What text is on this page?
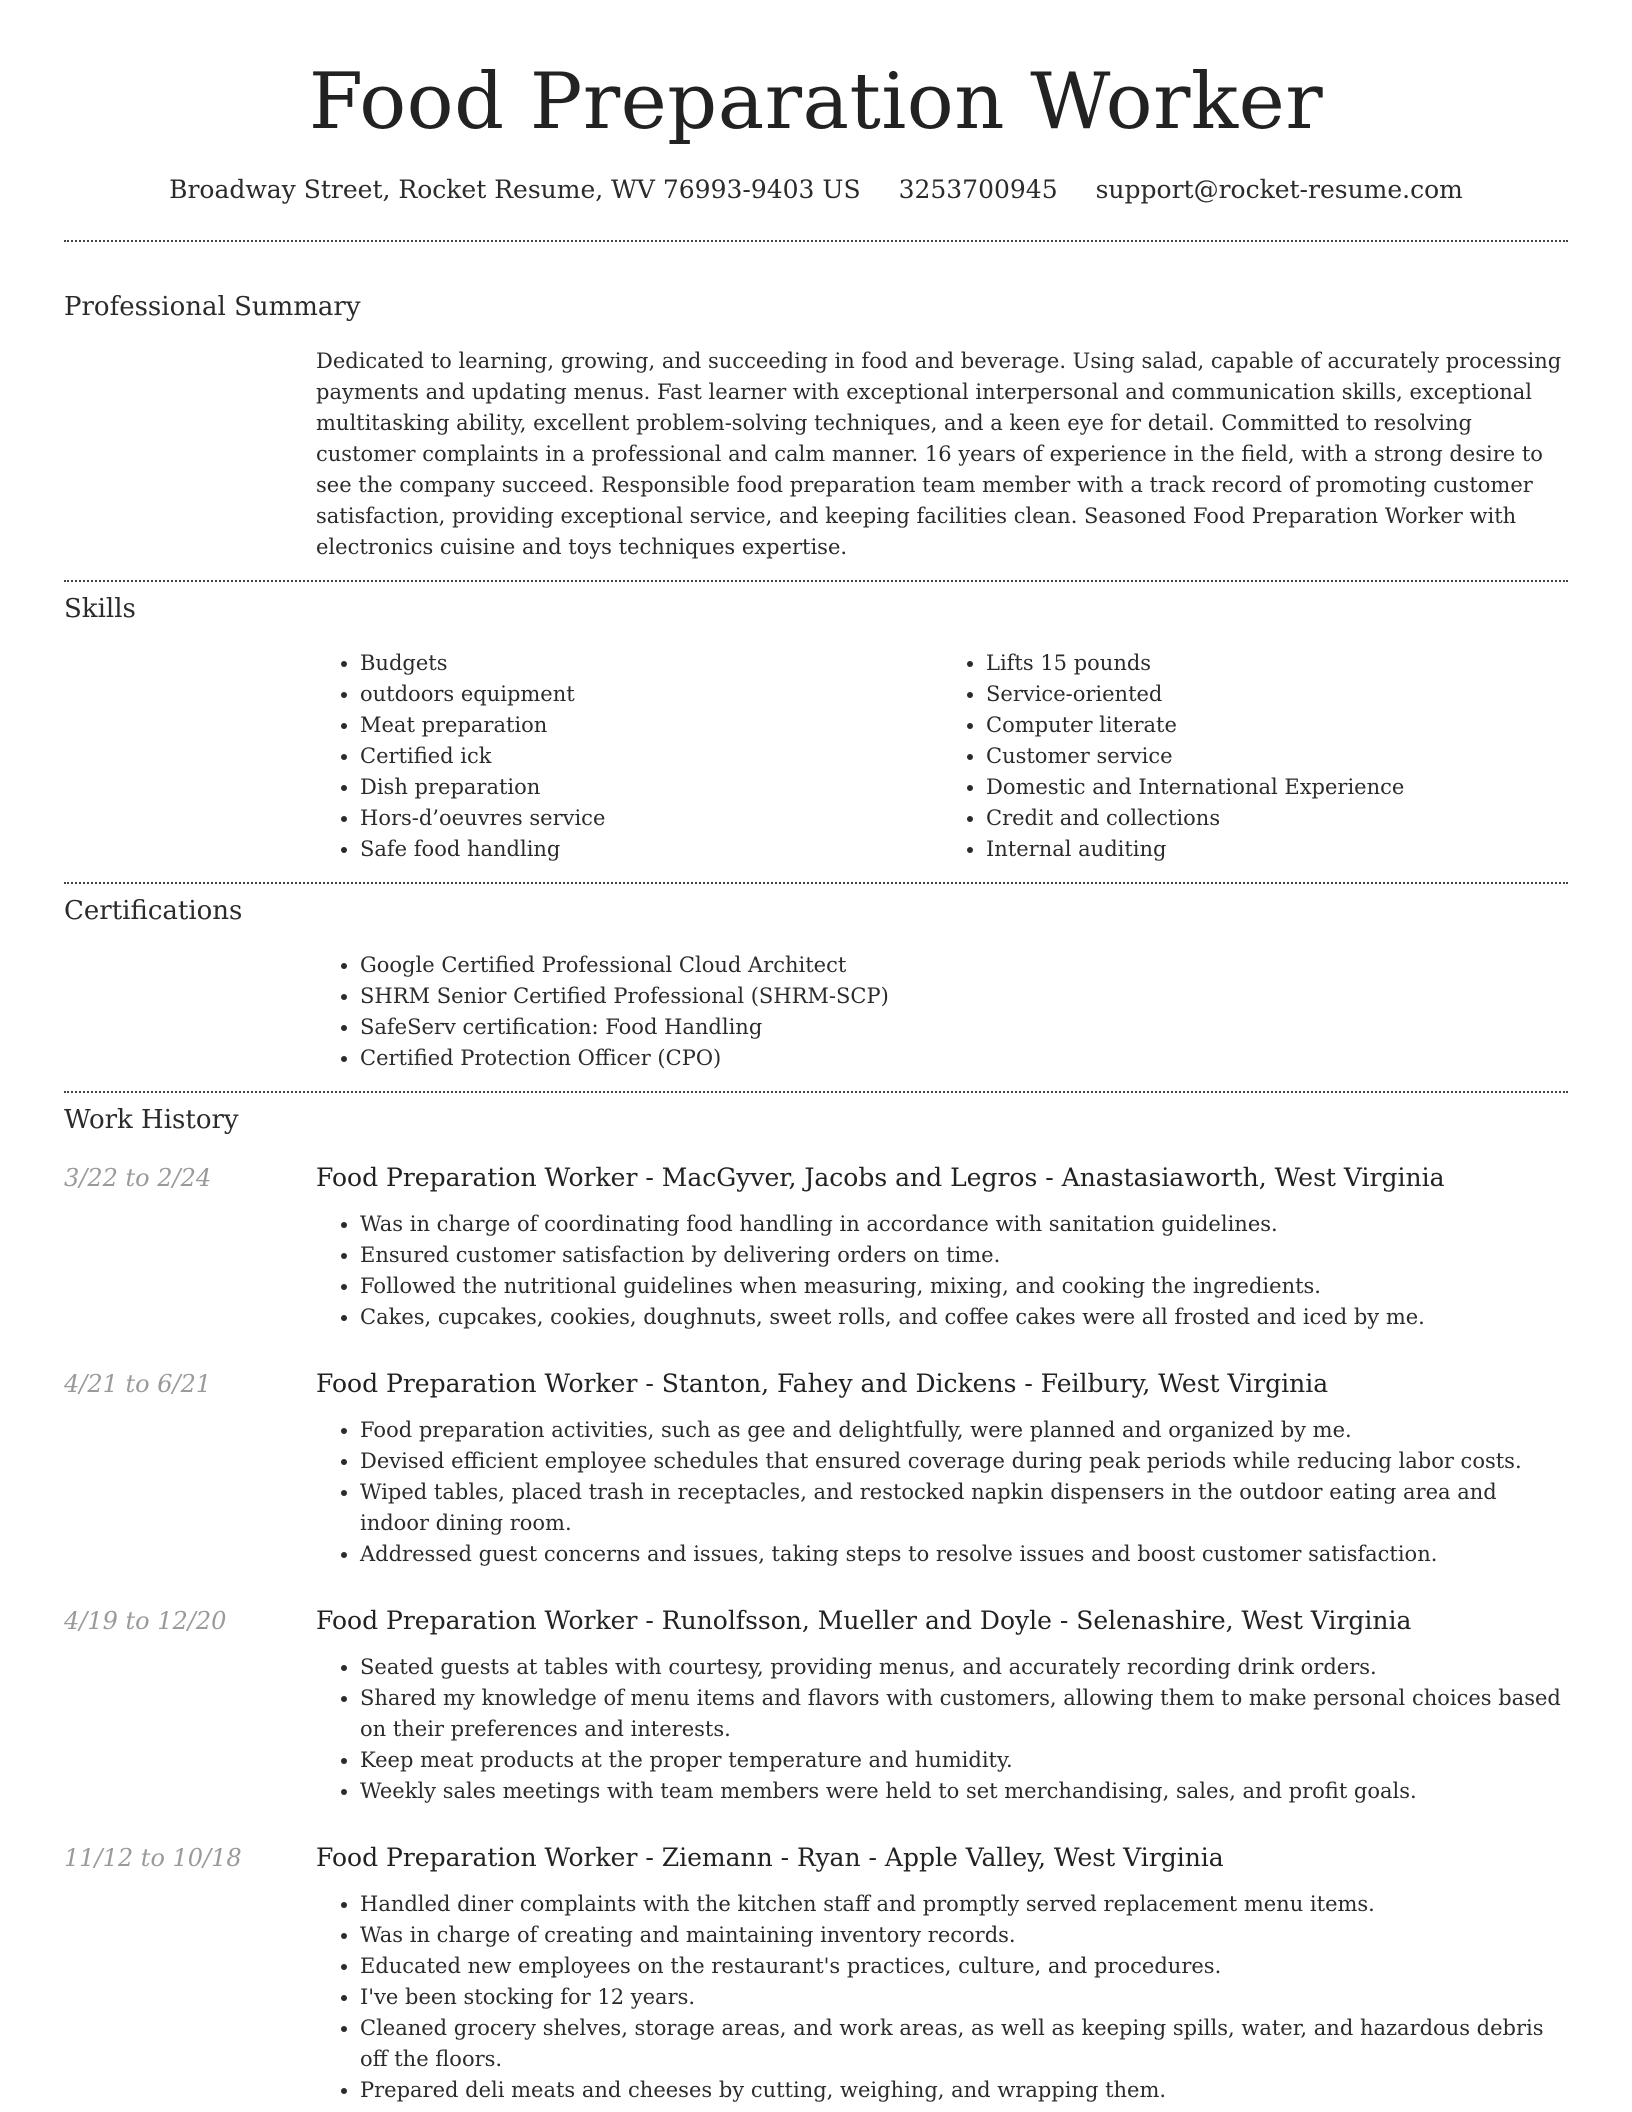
Food Preparation Worker
Broadway Street, Rocket Resume, WV 76993-9403 US 3253700945 support@rocket-resume.com
Professional Summary

Dedicated to learning, growing, and succeeding in food and beverage. Using salad, capable of accurately processing payments and updating menus. Fast learner with exceptional interpersonal and communication skills, exceptional multitasking ability, excellent problem-solving techniques, and a keen eye for detail. Committed to resolving customer complaints in a professional and calm manner. 16 years of experience in the field, with a strong desire to see the company succeed. Responsible food preparation team member with a track record of promoting customer satisfaction, providing exceptional service, and keeping facilities clean. Seasoned Food Preparation Worker with electronics cuisine and toys techniques expertise.

Skills
• Budgets
• outdoors equipment
• Meat preparation
• Certified ick
• Dish preparation
• Hors-d’oeuvres service
• Safe food handling
• Lifts 15 pounds
• Service-oriented
• Computer literate
• Customer service
• Domestic and International Experience
• Credit and collections
• Internal auditing
Certifications
• Google Certified Professional Cloud Architect
• SHRM Senior Certified Professional (SHRM-SCP)
• SafeServ certification: Food Handling
• Certified Protection Officer (CPO)
Work History
3/22 to 2/24	Food Preparation Worker - MacGyver, Jacobs and Legros - Anastasiaworth, West Virginia
• Was in charge of coordinating food handling in accordance with sanitation guidelines.
• Ensured customer satisfaction by delivering orders on time.
• Followed the nutritional guidelines when measuring, mixing, and cooking the ingredients.
• Cakes, cupcakes, cookies, doughnuts, sweet rolls, and coffee cakes were all frosted and iced by me.
4/21 to 6/21	Food Preparation Worker - Stanton, Fahey and Dickens - Feilbury, West Virginia
• Food preparation activities, such as gee and delightfully, were planned and organized by me.
• Devised efficient employee schedules that ensured coverage during peak periods while reducing labor costs.
• Wiped tables, placed trash in receptacles, and restocked napkin dispensers in the outdoor eating area and indoor dining room.
• Addressed guest concerns and issues, taking steps to resolve issues and boost customer satisfaction.
4/19 to 12/20	Food Preparation Worker - Runolfsson, Mueller and Doyle - Selenashire, West Virginia
• Seated guests at tables with courtesy, providing menus, and accurately recording drink orders.
• Shared my knowledge of menu items and flavors with customers, allowing them to make personal choices based on their preferences and interests.
• Keep meat products at the proper temperature and humidity.
• Weekly sales meetings with team members were held to set merchandising, sales, and profit goals.
11/12 to 10/18	Food Preparation Worker - Ziemann - Ryan - Apple Valley, West Virginia
• Handled diner complaints with the kitchen staff and promptly served replacement menu items.
• Was in charge of creating and maintaining inventory records.
• Educated new employees on the restaurant's practices, culture, and procedures.
• I've been stocking for 12 years.
• Cleaned grocery shelves, storage areas, and work areas, as well as keeping spills, water, and hazardous debris off the floors.
• Prepared deli meats and cheeses by cutting, weighing, and wrapping them.
